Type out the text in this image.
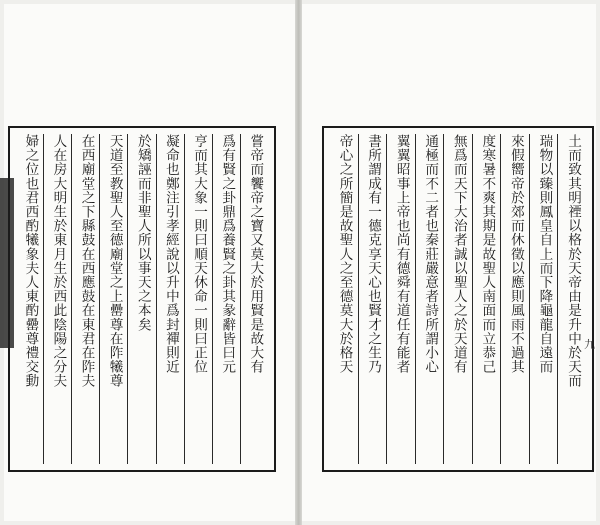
嘗帝而饗帝之寶又莫大於用賢是故大有
爲有賢之卦鼎爲養賢之卦其彖辭皆曰元
亨而其大象一則曰順天休命一則曰正位
凝命也鄭注引孝經說以升中爲封禪則近
於矯誣而非聖人所以事天之本矣
天道至教聖人至德廟堂之上罍尊在阼犧尊
在西廟堂之下縣鼓在西應鼓在東君在阼夫
人在房大明生於東月生於西此陰陽之分夫
婦之位也君西酌犧象夫人東酌罍尊禮交動	土而致其明禋以格於天帝由是升中於天而
瑞物以臻則鳳皇自上而下降龜龍自遠而
來假嚮帝於郊而休徵以應則風雨不過其
度寒暑不爽其期是故聖人南面而立恭己
無爲而天下大治者誠以聖人之於天道有
通極而不二者也秦莊嚴意者詩所謂小心
翼翼昭事上帝也尚有德舜有道任有能者
書所謂成有一德克享天心也賢才之生乃
帝心之所簡是故聖人之至德莫大於格天	九
